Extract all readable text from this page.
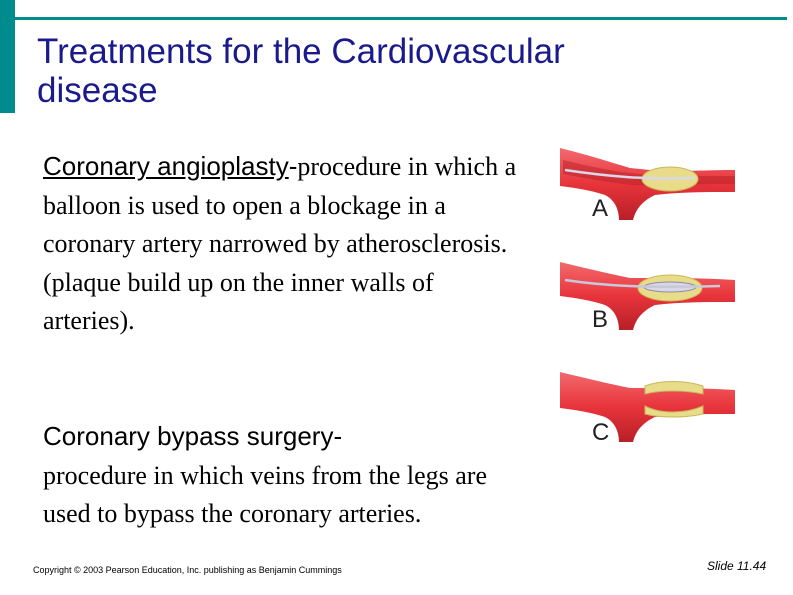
Treatments for the Cardiovascular disease
Coronary angioplasty-procedure in which a balloon is used to open a blockage in a coronary artery narrowed by atherosclerosis. (plaque build up on the inner walls of arteries).
Coronary bypass surgery-
procedure in which veins from the legs are used to bypass the coronary arteries.
A
B
C
Copyright © 2003 Pearson Education, Inc. publishing as Benjamin Cummings	Slide 11.44
